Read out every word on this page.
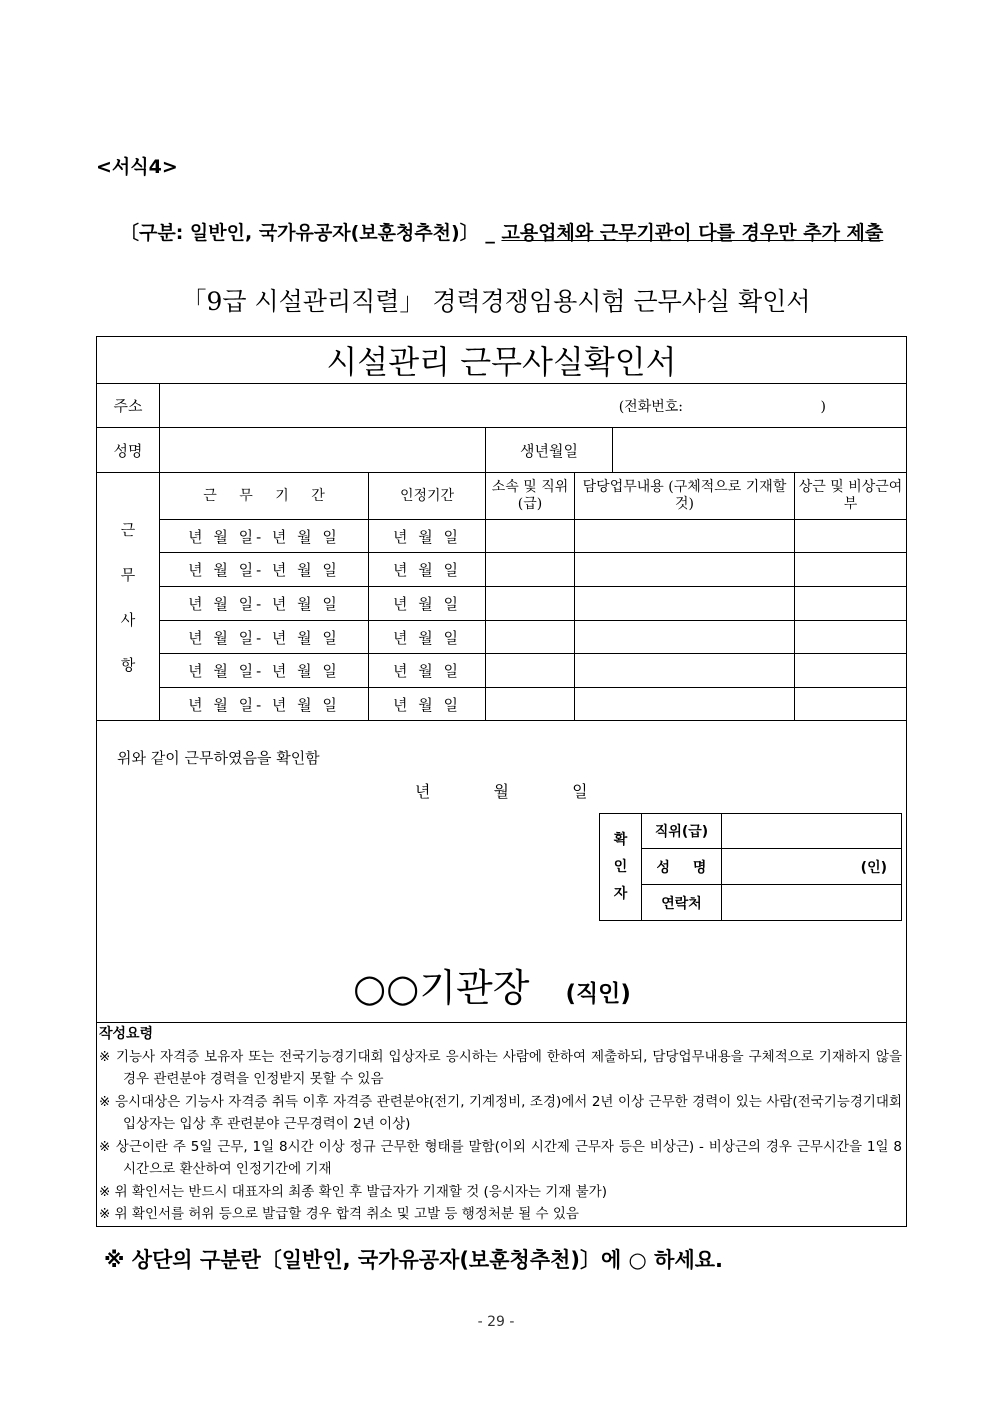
<서식4>
〔구분: 일반인, 국가유공자(보훈청추천)〕 _ 고용업체와 근무기관이 다를 경우만 추가 제출
「9급 시설관리직렬」 경력경쟁임용시험 근무사실 확인서
시설관리 근무사실확인서
주소	(전화번호:	)
성명		생년월일	

근
무
사
항
	근 무 기 간	인정기간	소속 및 직위(급)	담당업무내용 (구체적으로 기재할 것)	상근 및 비상근여부
년 월 일- 년 월 일	년 월 일			
년 월 일- 년 월 일	년 월 일			
년 월 일- 년 월 일	년 월 일			
년 월 일- 년 월 일	년 월 일			
년 월 일- 년 월 일	년 월 일			
년 월 일- 년 월 일	년 월 일			

위와 같이 근무하였음을 확인함
년 월 일
확
인
자
	직위(급)	
성 명	(인)
연락처	
○○기관장 (직인)

작성요령
※ 기능사 자격증 보유자 또는 전국기능경기대회 입상자로 응시하는 사람에 한하여 제출하되, 담당업무내용을 구체적으로 기재하지 않을 경우 관련분야 경력을 인정받지 못할 수 있음
※ 응시대상은 기능사 자격증 취득 이후 자격증 관련분야(전기, 기계정비, 조경)에서 2년 이상 근무한 경력이 있는 사람(전국기능경기대회 입상자는 입상 후 관련분야 근무경력이 2년 이상)
※ 상근이란 주 5일 근무, 1일 8시간 이상 정규 근무한 형태를 말함(이외 시간제 근무자 등은 비상근) - 비상근의 경우 근무시간을 1일 8시간으로 환산하여 인정기간에 기재
※ 위 확인서는 반드시 대표자의 최종 확인 후 발급자가 기재할 것 (응시자는 기재 불가)
※ 위 확인서를 허위 등으로 발급할 경우 합격 취소 및 고발 등 행정처분 될 수 있음
※ 상단의 구분란〔일반인, 국가유공자(보훈청추천)〕에 ○ 하세요.
- 29 -
